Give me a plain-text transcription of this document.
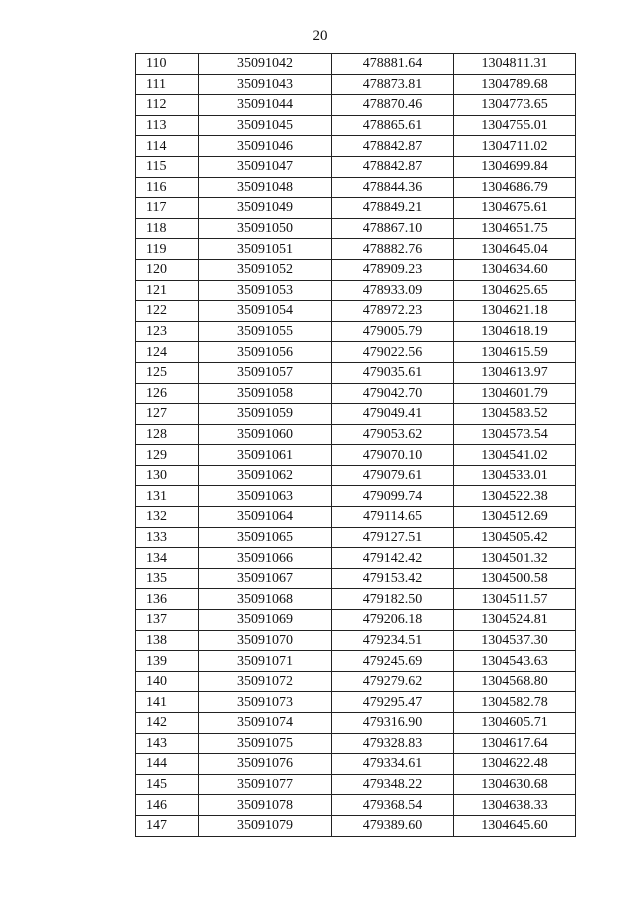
20
110	35091042	478881.64	1304811.31
111	35091043	478873.81	1304789.68
112	35091044	478870.46	1304773.65
113	35091045	478865.61	1304755.01
114	35091046	478842.87	1304711.02
115	35091047	478842.87	1304699.84
116	35091048	478844.36	1304686.79
117	35091049	478849.21	1304675.61
118	35091050	478867.10	1304651.75
119	35091051	478882.76	1304645.04
120	35091052	478909.23	1304634.60
121	35091053	478933.09	1304625.65
122	35091054	478972.23	1304621.18
123	35091055	479005.79	1304618.19
124	35091056	479022.56	1304615.59
125	35091057	479035.61	1304613.97
126	35091058	479042.70	1304601.79
127	35091059	479049.41	1304583.52
128	35091060	479053.62	1304573.54
129	35091061	479070.10	1304541.02
130	35091062	479079.61	1304533.01
131	35091063	479099.74	1304522.38
132	35091064	479114.65	1304512.69
133	35091065	479127.51	1304505.42
134	35091066	479142.42	1304501.32
135	35091067	479153.42	1304500.58
136	35091068	479182.50	1304511.57
137	35091069	479206.18	1304524.81
138	35091070	479234.51	1304537.30
139	35091071	479245.69	1304543.63
140	35091072	479279.62	1304568.80
141	35091073	479295.47	1304582.78
142	35091074	479316.90	1304605.71
143	35091075	479328.83	1304617.64
144	35091076	479334.61	1304622.48
145	35091077	479348.22	1304630.68
146	35091078	479368.54	1304638.33
147	35091079	479389.60	1304645.60
